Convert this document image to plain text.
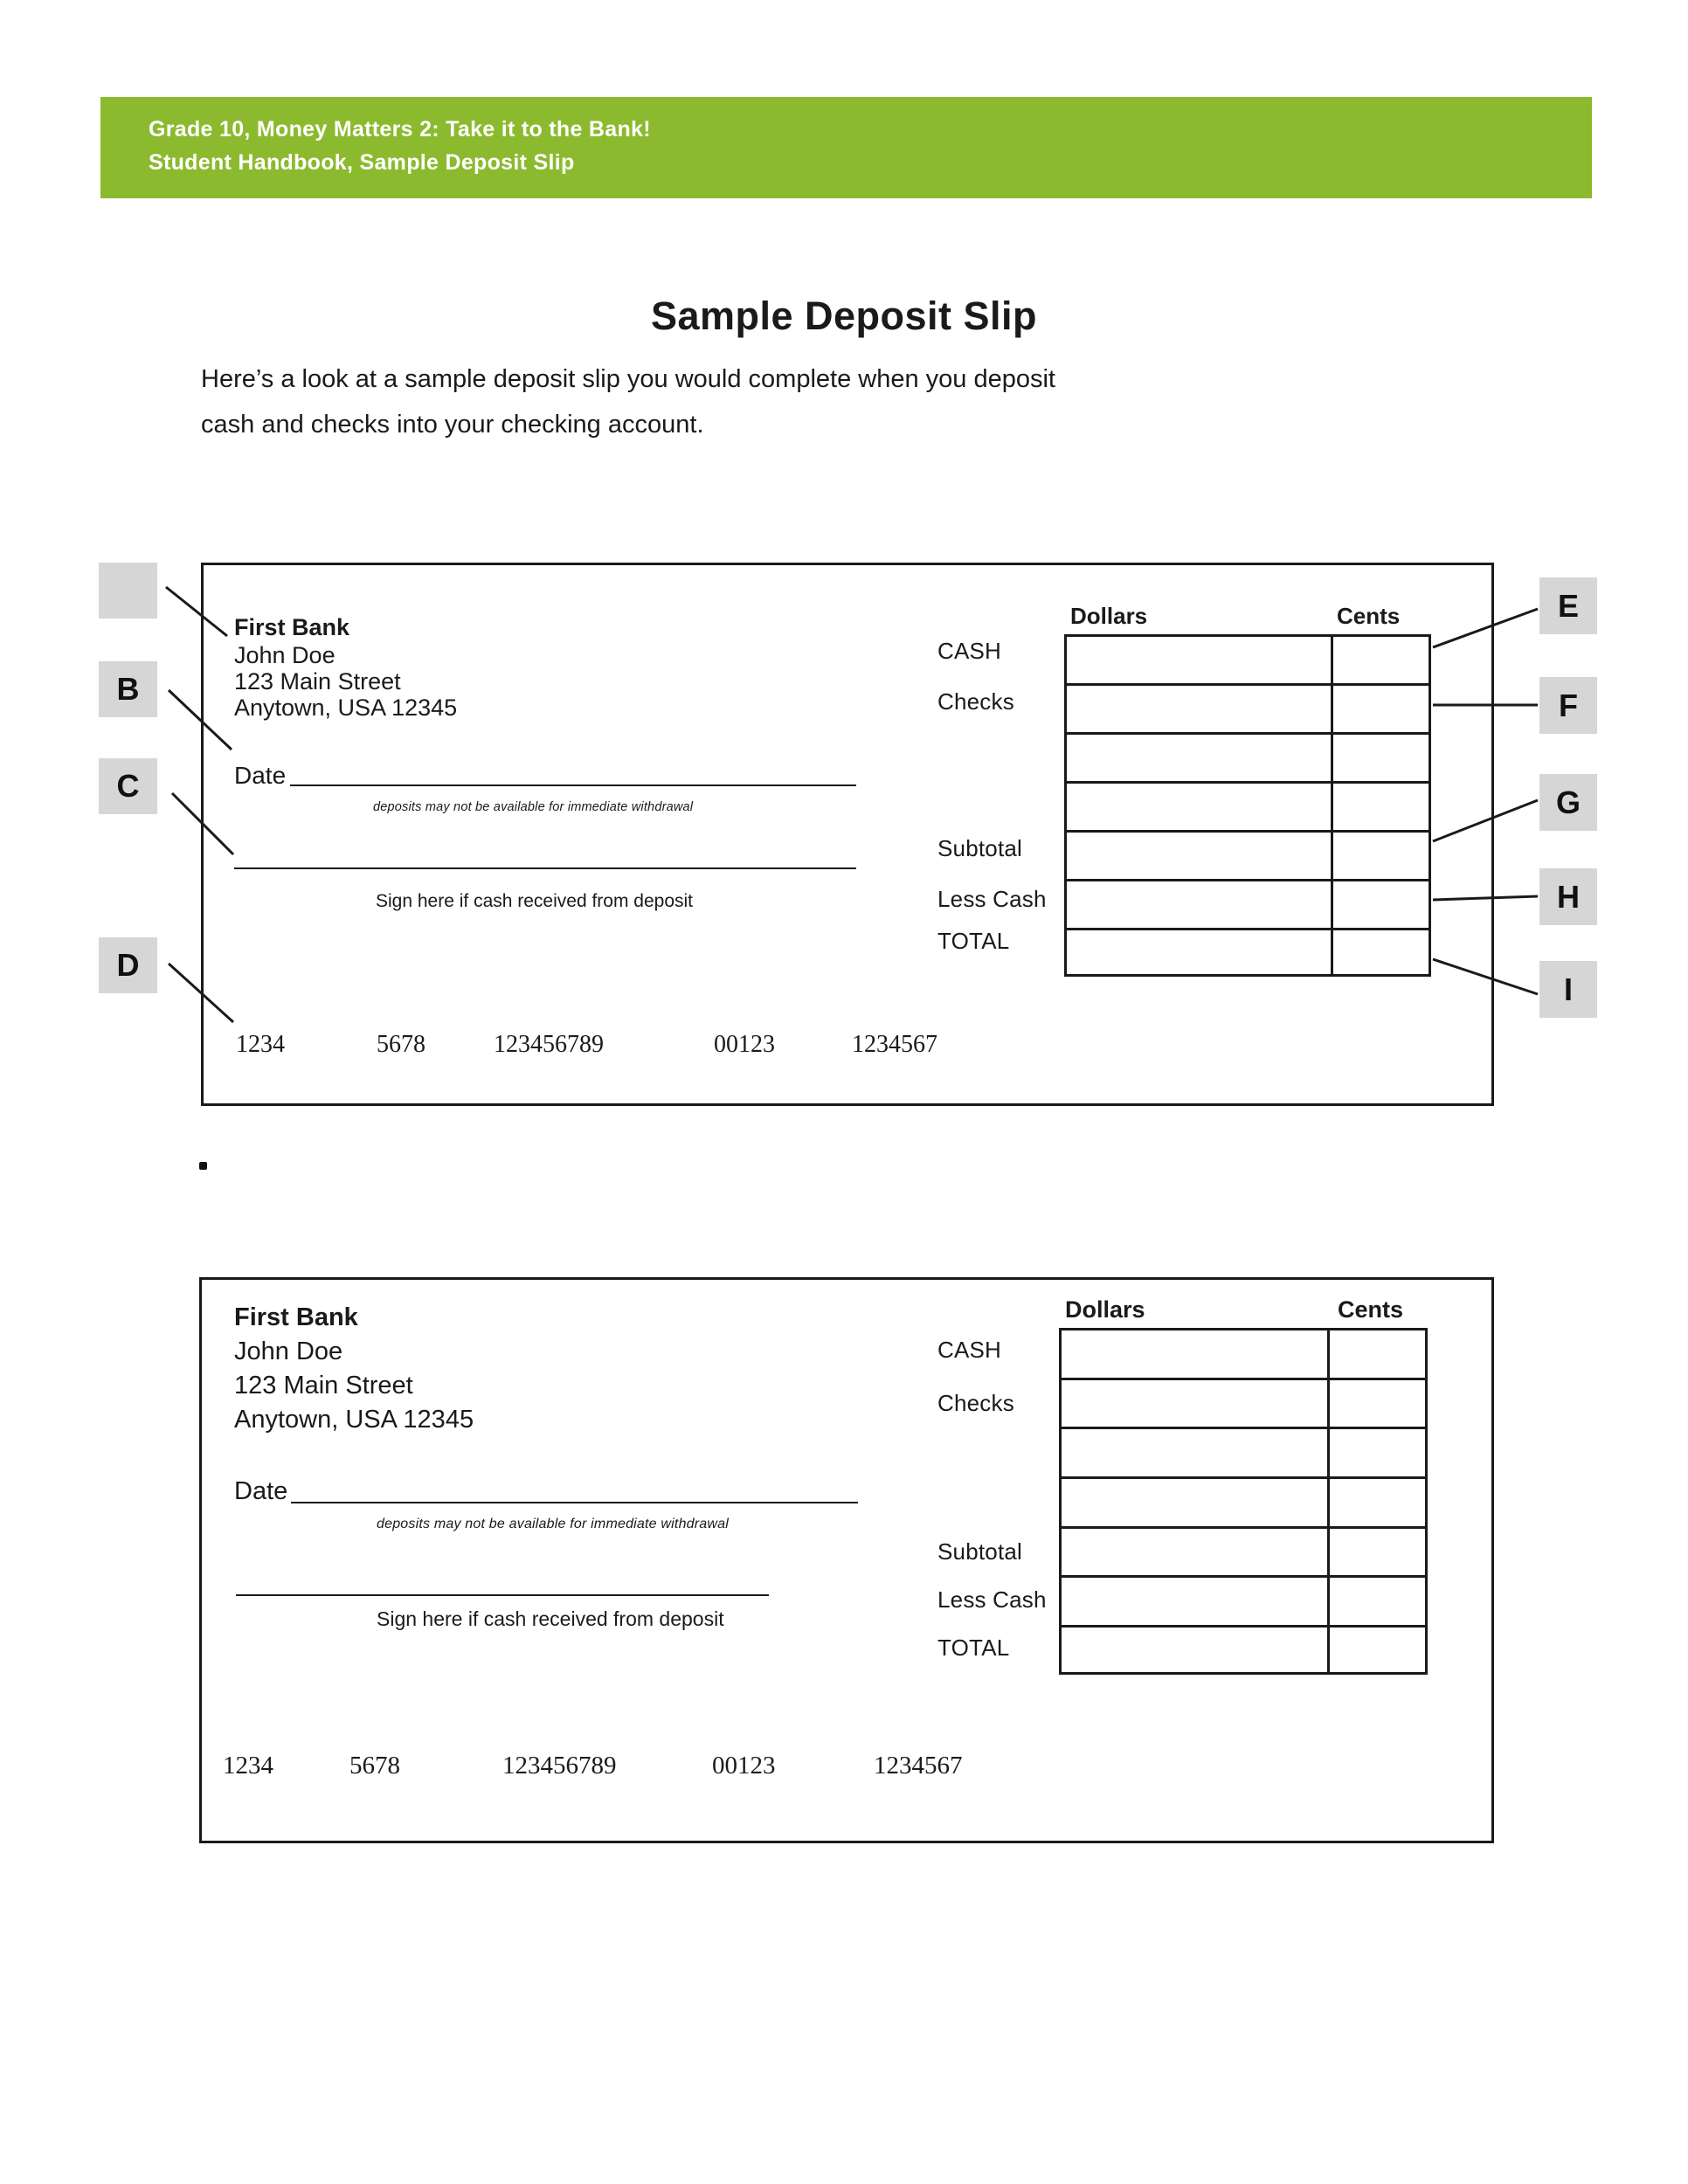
Grade 10, Money Matters 2: Take it to the Bank!
Student Handbook, Sample Deposit Slip
Sample Deposit Slip
Here’s a look at a sample deposit slip you would complete when you deposit
cash and checks into your checking account.
First Bank
John Doe
123 Main Street
Anytown, USA 12345
Date
deposits may not be available for immediate withdrawal
Sign here if cash received from deposit
Dollars	Cents
CASH
Checks
Subtotal
Less Cash
TOTAL
1234	5678	123456789	00123	1234567
B
C
D
E
F
G
H
I
First Bank
John Doe
123 Main Street
Anytown, USA 12345
Date
deposits may not be available for immediate withdrawal
Sign here if cash received from deposit
Dollars	Cents
CASH
Checks
Subtotal
Less Cash
TOTAL
1234	5678	123456789	00123	1234567
